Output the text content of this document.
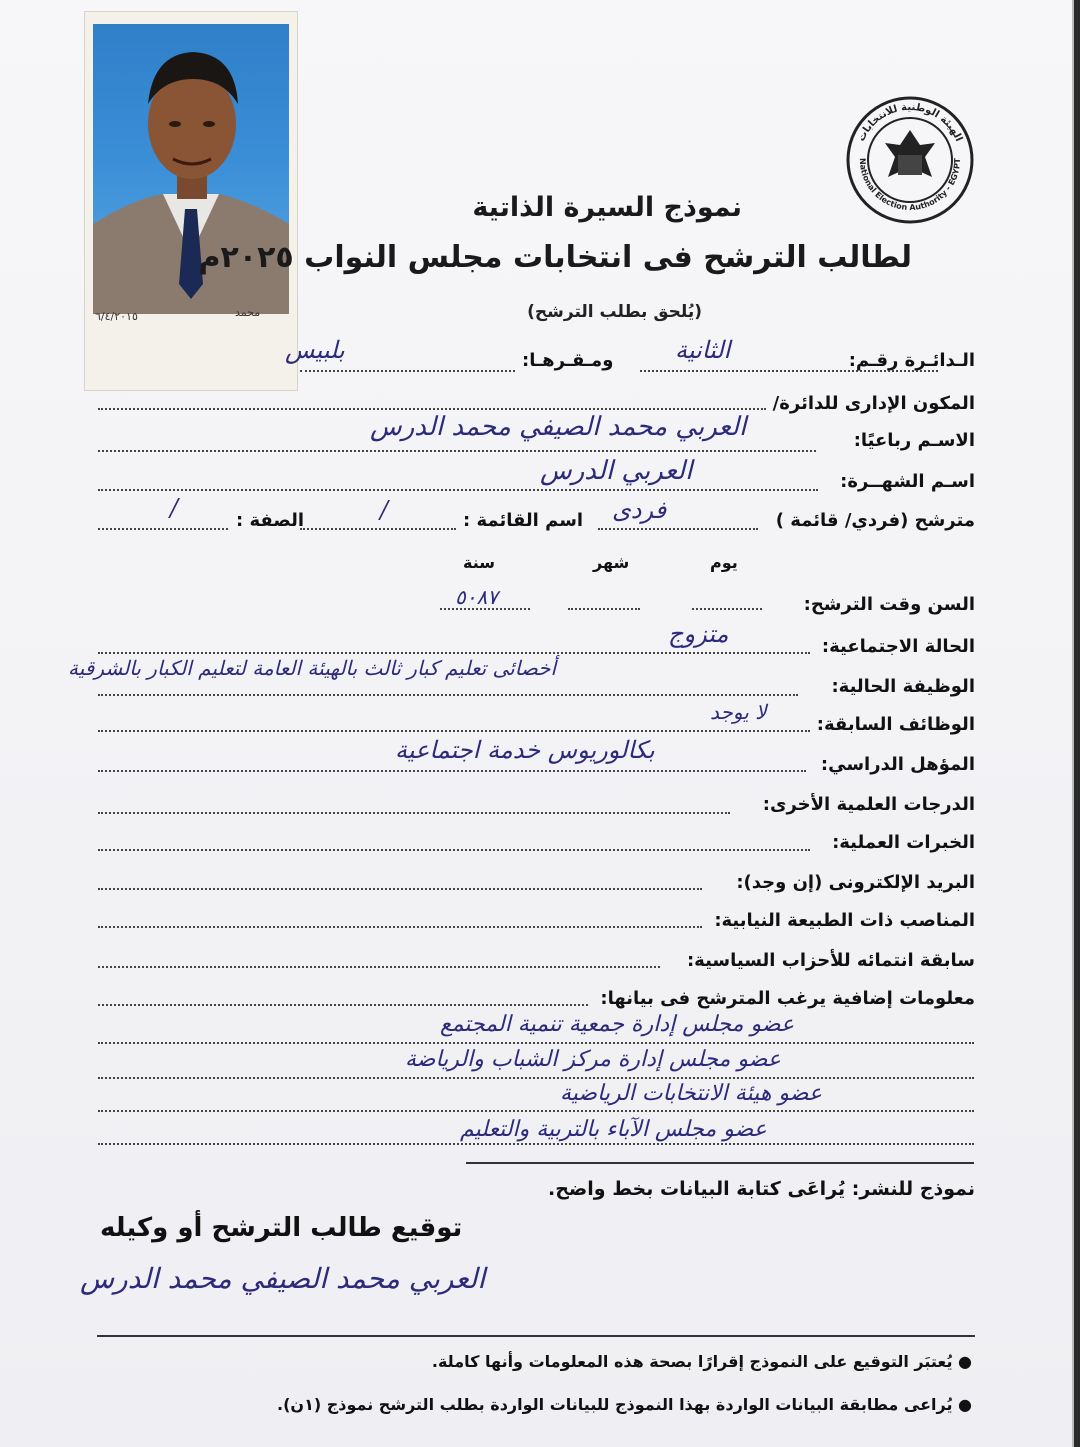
٦/٤/٢٠١٥	محمد
الهيئة الوطنية للانتخابات
National Election Authority - EGYPT
نموذج السيرة الذاتية
لطالب الترشح فى انتخابات مجلس النواب ٢٠٢٥م
(يُلحق بطلب الترشح)
الـدائـرة رقـم:
الثانية
ومـقـرهـا:
بلبيس
المكون الإدارى للدائرة/
الاسـم رباعيًا:
العربي محمد الصيفي محمد الدرس
اسـم الشهــرة:
العربي الدرس
مترشح (فردي/ قائمة )
فردى
اسم القائمة :
/
الصفة :
/
يوم
شهر
سنة
السن وقت الترشح:
٥٠٨٧
الحالة الاجتماعية:
متزوج
الوظيفة الحالية:
أخصائى تعليم كبار ثالث بالهيئة العامة لتعليم الكبار بالشرقية
الوظائف السابقة:
لا يوجد
المؤهل الدراسي:
بكالوريوس خدمة اجتماعية
الدرجات العلمية الأخرى:
الخبرات العملية:
البريد الإلكترونى (إن وجد):
المناصب ذات الطبيعة النيابية:
سابقة انتمائه للأحزاب السياسية:
معلومات إضافية يرغب المترشح فى بيانها:
عضو مجلس إدارة جمعية تنمية المجتمع
عضو مجلس إدارة مركز الشباب والرياضة
عضو هيئة الانتخابات الرياضية
عضو مجلس الآباء بالتربية والتعليم
نموذج للنشر: يُراعَى كتابة البيانات بخط واضح.
توقيع طالب الترشح أو وكيله
العربي محمد الصيفي محمد الدرس
● يُعتبَر التوقيع على النموذج إقرارًا بصحة هذه المعلومات وأنها كاملة.
● يُراعى مطابقة البيانات الواردة بهذا النموذج للبيانات الواردة بطلب الترشح نموذج (١ن).
